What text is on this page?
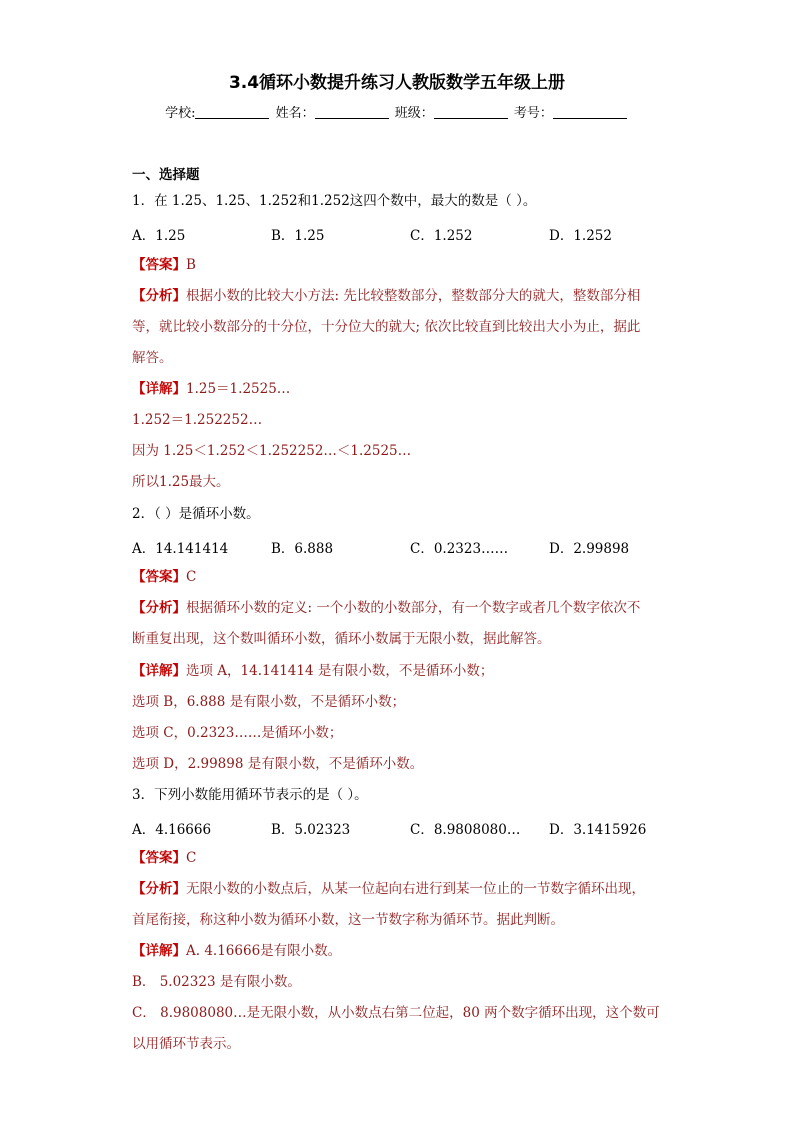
3.4循环小数提升练习人教版数学五年级上册
学校:	姓名：	班级：	考号：
一、选择题
1．在 1.25、1.2̇5̇、1.252和1.2̇52̇这四个数中，最大的数是（ ）。
A．1.25	B．1.2̇5̇	C．1.252	D．1.2̇52̇
【答案】B
【分析】根据小数的比较大小方法: 先比较整数部分，整数部分大的就大，整数部分相
等，就比较小数部分的十分位，十分位大的就大; 依次比较直到比较出大小为止，据此
解答。
【详解】1.2̇5̇＝1.2525…
1.2̇52̇＝1.252252…
因为 1.25＜1.252＜1.252252…＜1.2525…
所以1.2̇5̇最大。
2．（ ）是循环小数。
A．14.141414	B．6.888	C．0.2323……	D．2.99898
【答案】C
【分析】根据循环小数的定义: 一个小数的小数部分，有一个数字或者几个数字依次不
断重复出现，这个数叫循环小数，循环小数属于无限小数，据此解答。
【详解】选项 A，14.141414 是有限小数，不是循环小数；
选项 B，6.888 是有限小数，不是循环小数；
选项 C，0.2323……是循环小数；
选项 D，2.99898 是有限小数，不是循环小数。
3．下列小数能用循环节表示的是（ ）。
A．4.16666	B．5.02323	C．8.9808080… D．3.1415926
【答案】C
【分析】无限小数的小数点后，从某一位起向右进行到某一位止的一节数字循环出现，
首尾衔接，称这种小数为循环小数，这一节数字称为循环节。据此判断。
【详解】A. 4.16666是有限小数。
B． 5.02323 是有限小数。
C． 8.9808080…是无限小数，从小数点右第二位起，80 两个数字循环出现，这个数可
以用循环节表示。
